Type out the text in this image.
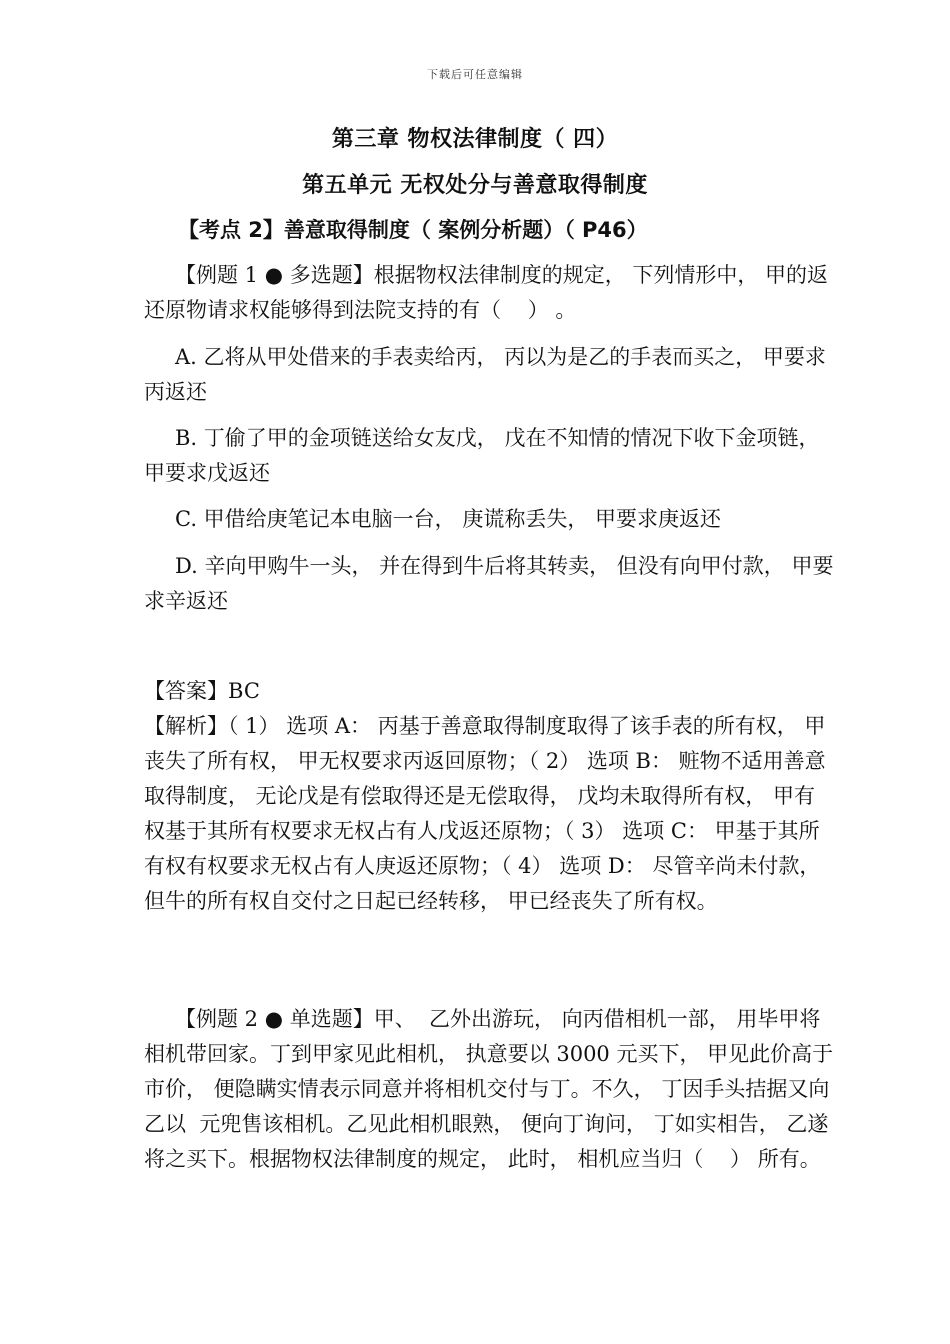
下载后可任意编辑
第三章 物权法律制度（ 四）
第五单元 无权处分与善意取得制度
【考点 2】善意取得制度（ 案例分析题）（ P46）
【例题 1 ● 多选题】根据物权法律制度的规定， 下列情形中， 甲的返还原物请求权能够得到法院支持的有（    ） 。
A. 乙将从甲处借来的手表卖给丙， 丙以为是乙的手表而买之， 甲要求丙返还
B. 丁偷了甲的金项链送给女友戊， 戊在不知情的情况下收下金项链， 甲要求戊返还
C. 甲借给庚笔记本电脑一台， 庚谎称丢失， 甲要求庚返还
D. 辛向甲购牛一头， 并在得到牛后将其转卖， 但没有向甲付款， 甲要求辛返还
【答案】BC
【解析】（ 1） 选项 A： 丙基于善意取得制度取得了该手表的所有权， 甲丧失了所有权， 甲无权要求丙返回原物；（ 2） 选项 B： 赃物不适用善意取得制度， 无论戊是有偿取得还是无偿取得， 戊均未取得所有权， 甲有权基于其所有权要求无权占有人戊返还原物；（ 3） 选项 C： 甲基于其所有权有权要求无权占有人庚返还原物；（ 4） 选项 D： 尽管辛尚未付款， 但牛的所有权自交付之日起已经转移， 甲已经丧失了所有权。
【例题 2 ● 单选题】甲、  乙外出游玩， 向丙借相机一部， 用毕甲将相机带回家。丁到甲家见此相机， 执意要以 3000 元买下， 甲见此价高于市价， 便隐瞒实情表示同意并将相机交付与丁。不久， 丁因手头拮据又向乙以  元兜售该相机。乙见此相机眼熟， 便向丁询问， 丁如实相告， 乙遂将之买下。根据物权法律制度的规定， 此时， 相机应当归（    ） 所有。
